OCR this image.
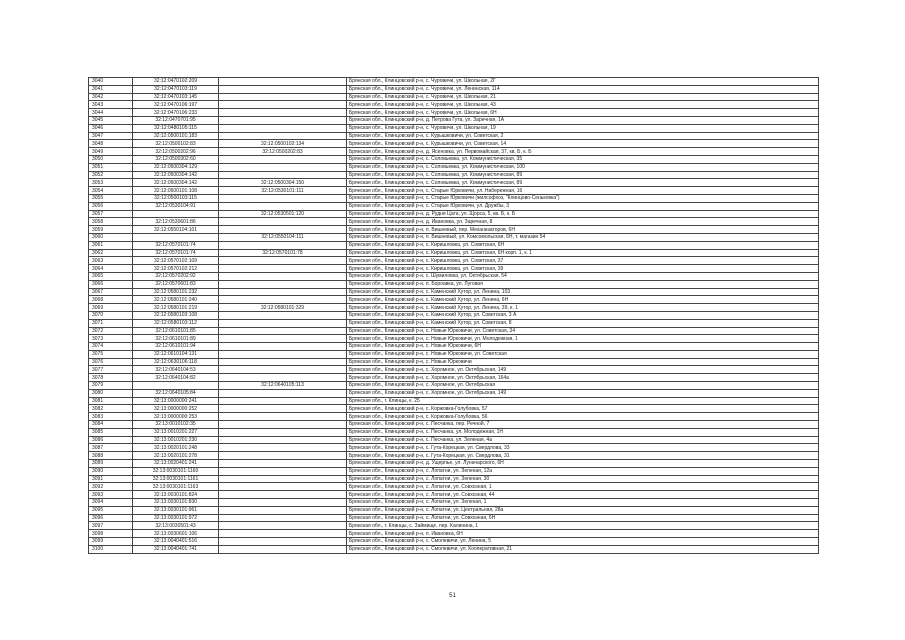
3040	32:12:0470102:209		Брянская обл., Клинцовский р-н, с. Чуровичи, ул. Школьная, 2Г
3041	32:12:0470103:119		Брянская обл., Клинцовский р-н, с. Чуровичи, ул. Ленинская, 114
3042	32:12:0470103:145		Брянская обл., Клинцовский р-н, с. Чуровичи, ул. Школьная, 21
3043	32:12:0470106:197		Брянская обл., Клинцовский р-н, с. Чуровичи, ул. Школьная, 43
3044	32:12:0470106:233		Брянская обл., Клинцовский р-н, с. Чуровичи, ул. Школьная, 6Н
3045	32:12:0470701:95		Брянская обл., Клинцовский р-н, д. Петрова Гута, ул. Заречная, 1А
3046	32:12:0480105:115		Брянская обл., Клинцовский р-н, с. Чуровичи, ул. Школьная, 19
3047	32:12:0500101:183		Брянская обл., Клинцовский р-н, с. Курышковичи, ул. Советская, 2
3048	32:12:0500102:83	32:12:0500102:134	Брянская обл., Клинцовский р-н, с. Курышковичи, ул. Советская, 14
3049	32:12:0500202:96	32:12:0500202:83	Брянская обл., Клинцовский р-н, д. Ясеновка, ул. Первомайская, 37, кв. Б, к. Б
3050	32:12:0500302:60		Брянская обл., Клинцовский р-н, с. Соловьевка, ул. Коммунистическая, 35
3051	32:12:0500304:129		Брянская обл., Клинцовский р-н, с. Соловьевка, ул. Коммунистическая, 100
3052	32:12:0500304:142		Брянская обл., Клинцовский р-н, с. Соловьевка, ул. Коммунистическая, 89
3053	32:12:0500304:142	32:12:0500304:150	Брянская обл., Клинцовский р-н, с. Соловьевка, ул. Коммунистическая, 89
3054	32:12:0500101:108	32:12:0530101:111	Брянская обл., Клинцовский р-н, с. Старые Юрковичи, ул. Набережная, 16
3055	32:12:0500103:115		Брянская обл., Клинцовский р-н, с. Старые Юрковичи (жилсофхоз, "Клинцово-Сеньковка")
3056	32:12:0530104:91		Брянская обл., Клинцовский р-н, с. Старые Юрковичи, ул. Дружбы, 3
3057		32:12:0530501:120	Брянская обл., Клинцовский р-н, д. Рудня Цата, ул. Щорса, 5, кв. Б, к. Б
3058	32:12:0530601:86		Брянская обл., Клинцовский р-н, д. Ивановка, ул. Заречная, 8
3059	32:12:0550104:101		Брянская обл., Клинцовский р-н, п. Вишневый, пер. Механизаторов, 6Н
3060		32:12:0550104:111	Брянская обл., Клинцовский р-н, п. Вишневый, ул. Комсомольская, 6Н, т. магазин 54
3061	32:12:0570101:74		Брянская обл., Клинцовский р-н, с. Киришловка, ул. Советская, 6Н
3062	32:12:0570101:74	32:12:0570101:78	Брянская обл., Клинцовский р-н, с. Киришловка, ул. Советская, 6Н корп. 1, к. 1
3063	32:12:0570102:109		Брянская обл., Клинцовский р-н, с. Киришловка, ул. Советская, 37
3064	32:12:0570102:212		Брянская обл., Клинцовский р-н, с. Киришловка, ул. Советская, 39
3065	32:12:0570202:92		Брянская обл., Клинцовский р-н, с. Шумиловка, ул. Октябрьская, 54
3066	32:12:0570601:83		Брянская обл., Клинцовский р-н, п. Бороавка, ул. Луговая
3067	32:12:0580101:232		Брянская обл., Клинцовский р-н, с. Каменский Хутор, ул. Ленина, 103
3068	32:12:0580101:240		Брянская обл., Клинцовский р-н, с. Каменский Хутор, ул. Ленина, 6Н
3069	32:12:0580101:219	32:12:0580101:329	Брянская обл., Клинцовский р-н, с. Каменский Хутор, ул. Ленина, 39, к. 1
3070	32:12:0580103:108		Брянская обл., Клинцовский р-н, с. Каменский Хутор, ул. Советская, 3 А
3071	32:12:0580103:112		Брянская обл., Клинцовский р-н, с. Каменский Хутор, ул. Советская, 8
3072	32:12:0610101:85		Брянская обл., Клинцовский р-н, с. Новые Юрковичи, ул. Советская, 34
3073	32:12:0610101:89		Брянская обл., Клинцовский р-н, с. Новые Юрковичи, ул. Молодежная, 1
3074	32:12:0610101:94		Брянская обл., Клинцовский р-н, с. Новые Юрковичи, 6Н
3075	32:12:0610104:131		Брянская обл., Клинцовский р-н, с. Новые Юрковичи, ул. Советская
3076	32:12:0630106:118		Брянская обл., Клинцовский р-н, с. Новые Юрковичи
3077	32:12:0640104:53		Брянская обл., Клинцовский р-н, с. Хоромное, ул. Октябрьская, 149
3078	32:12:0640104:82		Брянская обл., Клинцовский р-н, с. Хоромное, ул. Октябрьская, 164а
3079		32:12:0640105:113	Брянская обл., Клинцовский р-н, с. Хоромное, ул. Октябрьская
3080	32:12:0640105:84		Брянская обл., Клинцовский р-н, с. Хоромное, ул. Октябрьская, 149
3081	32:13:0000000:241		Брянская обл., г. Клинцы, к. 25
3082	32:13:0000000:252		Брянская обл., Клинцовский р-н, с. Коржовка-Голубовка, 57
3083	32:13:0000000:253		Брянская обл., Клинцовский р-н, с. Коржовка-Голубовка, 56
3084	32:13:0010102:35		Брянская обл., Клинцовский р-н, с. Песчанка, пер. Речной, 7
3085	32:13:0010201:227		Брянская обл., Клинцовский р-н, с. Песчанка, ул. Молодежная, 1Н
3086	32:13:0010201:230		Брянская обл., Клинцовский р-н, с. Песчанка, ул. Зеленая, 4а
3087	32:13:0020101:248		Брянская обл., Клинцовский р-н, с. Гута-Корецкая, ул. Свердлова, 33
3088	32:13:0020101:278		Брянская обл., Клинцовский р-н, с. Гута-Корецкая, ул. Свердлова, 31
3089	32:13:0020401:241		Брянская обл., Клинцовский р-н, д. Ущерпье, ул. Луначарского, 6Н
3090	32:13:0030101:1160		Брянская обл., Клинцовский р-н, с. Лопатни, ул. Зеленая, 12а
3091	32:13:0030101:1161		Брянская обл., Клинцовский р-н, с. Лопатни, ул. Зеленая, 30
3092	32:13:0030101:1163		Брянская обл., Клинцовский р-н, с. Лопатни, ул. Совхозная, 1
3093	32:13:0030101:824		Брянская обл., Клинцовский р-н, с. Лопатни, ул. Совхозная, 44
3094	32:13:0030101:830		Брянская обл., Клинцовский р-н, с. Лопатни, ул. Зеленая, 1
3095	32:13:0030101:961		Брянская обл., Клинцовский р-н, с. Лопатни, ул. Центральная, 28а
3096	32:13:0030101:972		Брянская обл., Клинцовский р-н, с. Лопатни, ул. Совхозная, 6Н
3097	32:13:0030501:43		Брянская обл., г. Клинцы, с. Займище, пер. Калинина, 1
3098	32:13:0030601:106		Брянская обл., Клинцовский р-н, п. Ивановка, 6Н
3099	32:13:0040401:516		Брянская обл., Клинцовский р-н, с. Смолевичи, ул. Ленина, 5
3100	32:13:0040401:741		Брянская обл., Клинцовский р-н, с. Смолевичи, ул. Кооперативная, 21
51
